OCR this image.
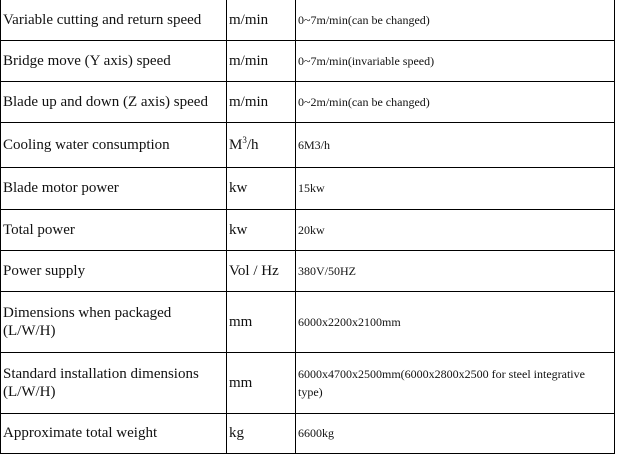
Variable cutting and return speed	m/min	0~7m/min(can be changed)
Bridge move (Y axis) speed	m/min	0~7m/min(invariable speed)
Blade up and down (Z axis) speed	m/min	0~2m/min(can be changed)
Cooling water consumption	$M^3/h$	6M3/h
Blade motor power	kw	15kw
Total power	kw	20kw
Power supply	Vol / Hz	380V/50HZ
Dimensions when packaged (L/W/H)	mm	6000x2200x2100mm
Standard installation dimensions (L/W/H)	mm	6000x4700x2500mm(6000x2800x2500 for steel integrative type)
Approximate total weight	kg	6600kg
